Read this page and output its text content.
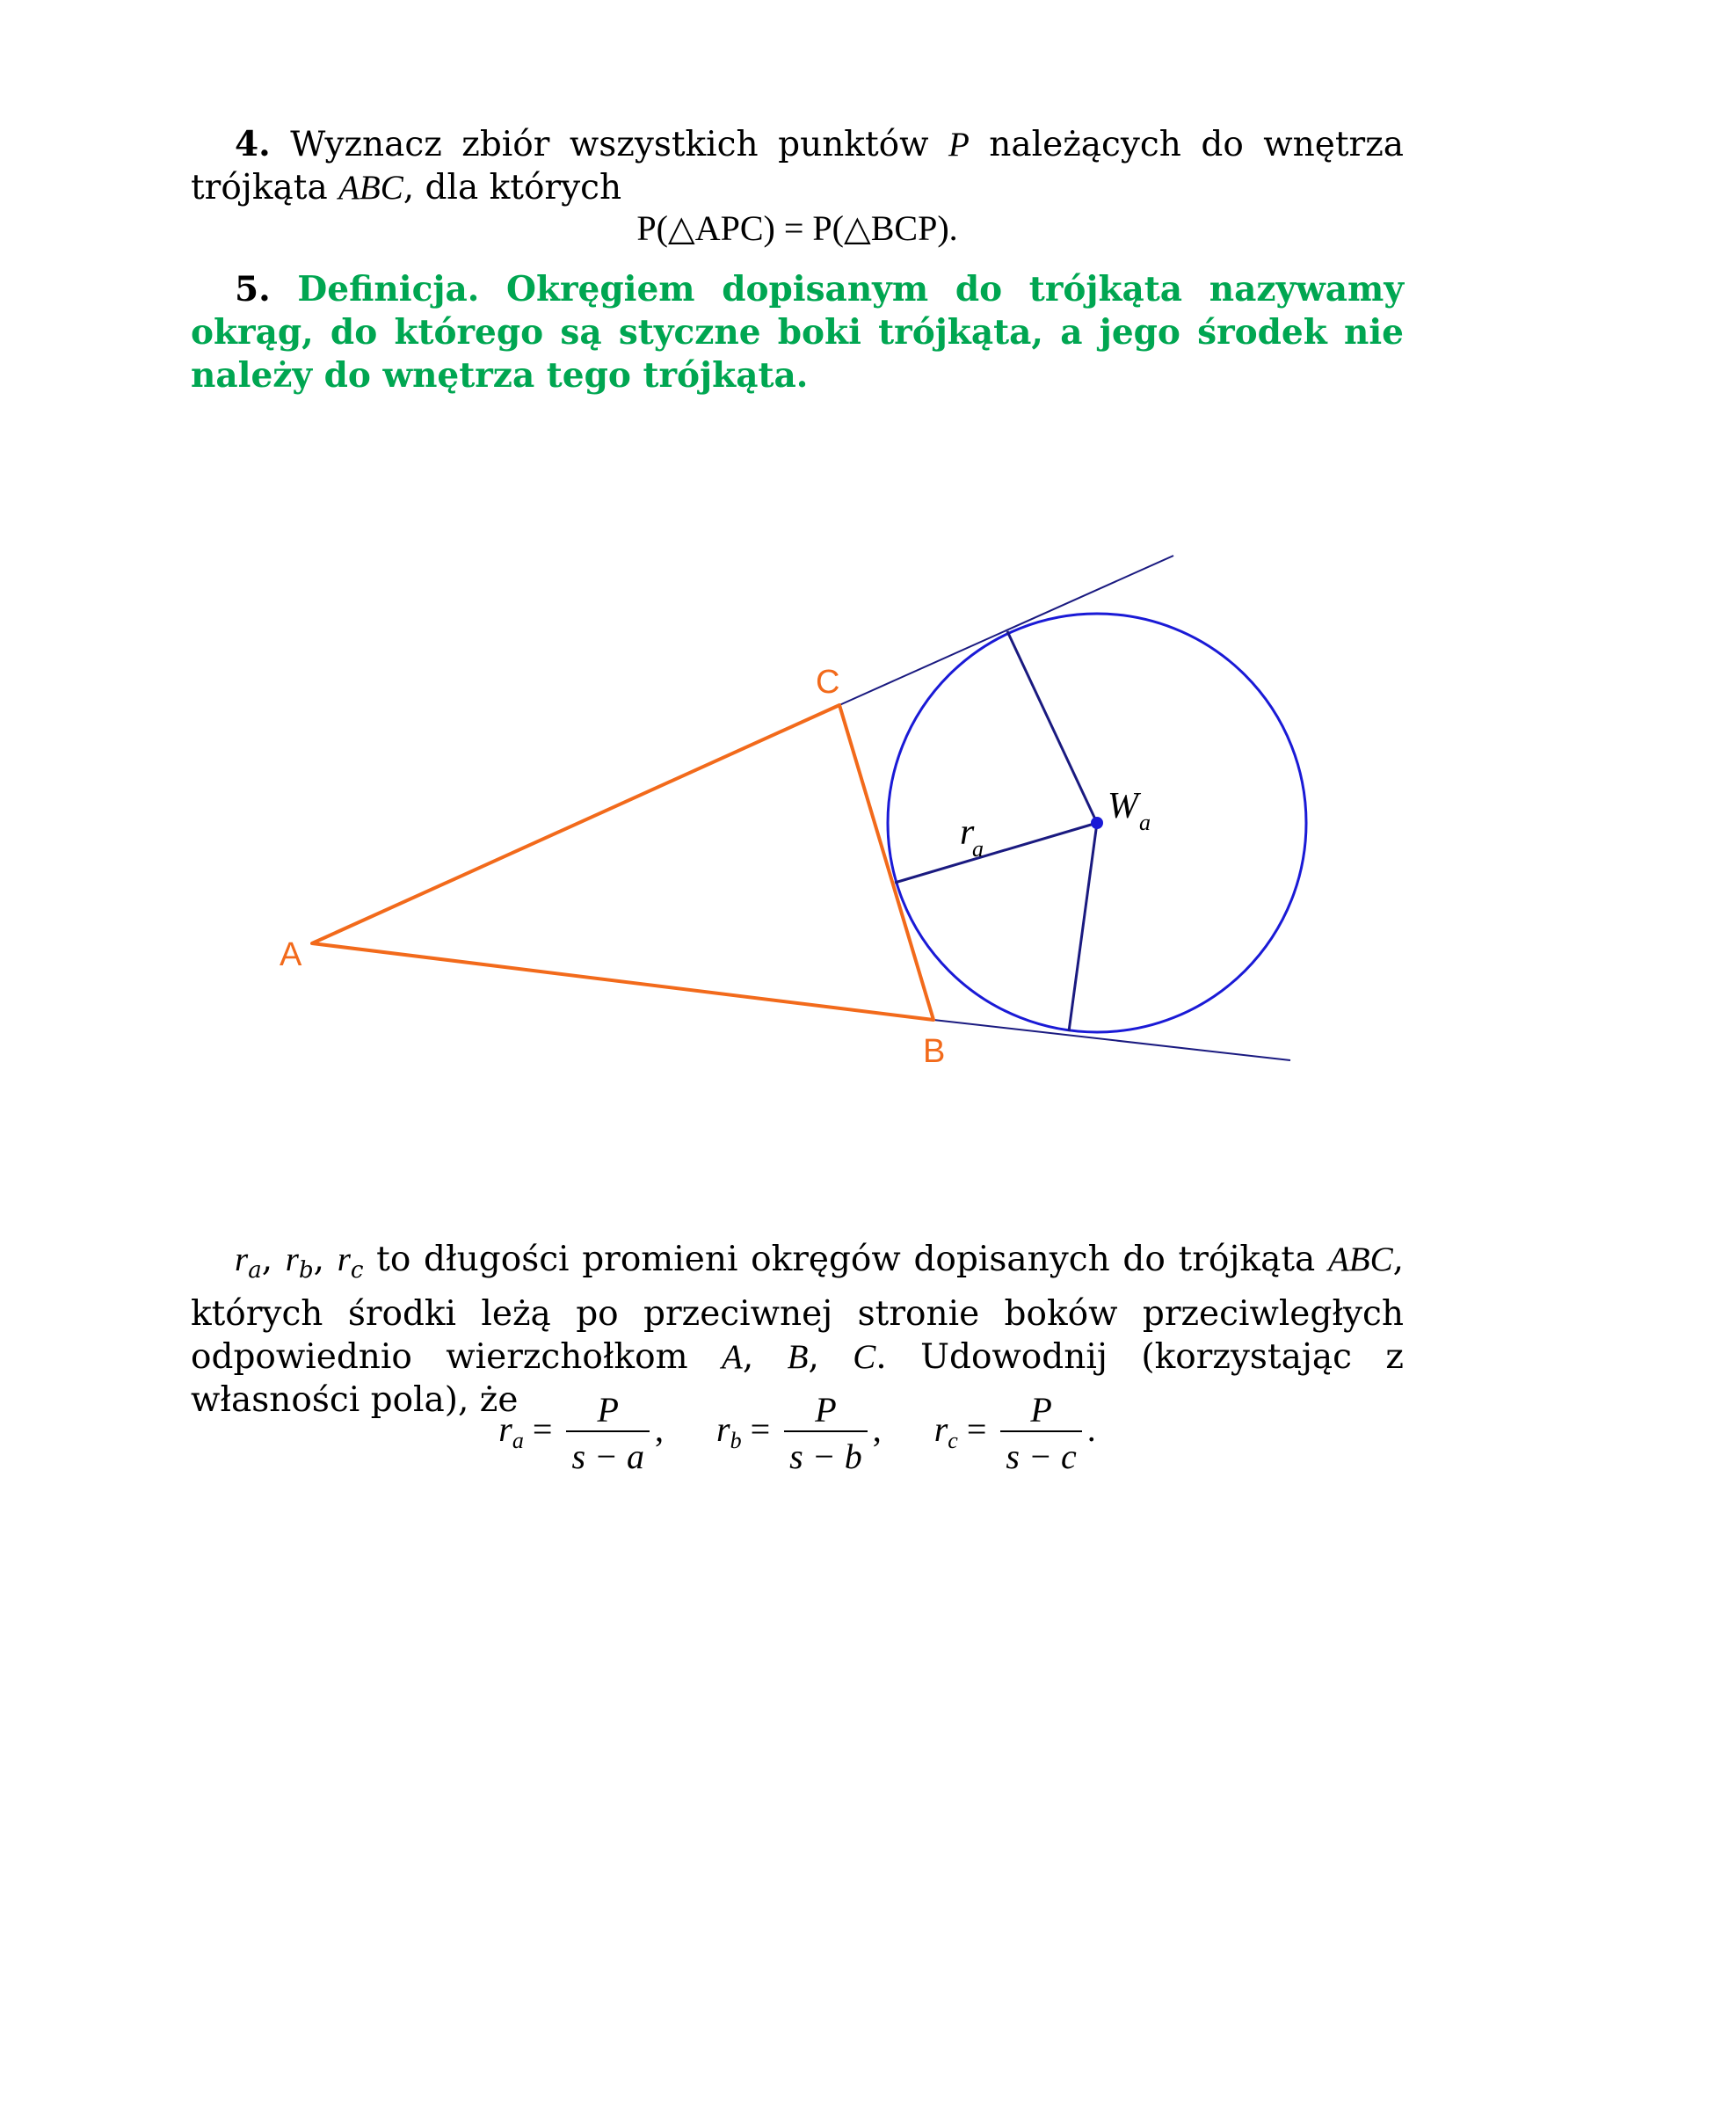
4. Wyznacz zbiór wszystkich punktów P należących do wnętrza trójkąta ABC, dla których
P(△APC) = P(△BCP).
5. Definicja. Okręgiem dopisanym do trójkąta nazywamy okrąg, do którego są styczne boki trójkąta, a jego środek nie należy do wnętrza tego trójkąta.
A
B
C
W a
r
a
$r_a$, $r_b$, $r_c$ to długości promieni okręgów dopisanych do trójkąta ABC, których środki leżą po przeciwnej stronie boków przeciwległych odpowiednio wierzchołkom A, B, C. Udowodnij (korzystając z własności pola), że
$r_a = \frac{P}{s - a}$ , $r_b = \frac{P}{s - b}$ , $r_c = \frac{P}{s - c}$ .
